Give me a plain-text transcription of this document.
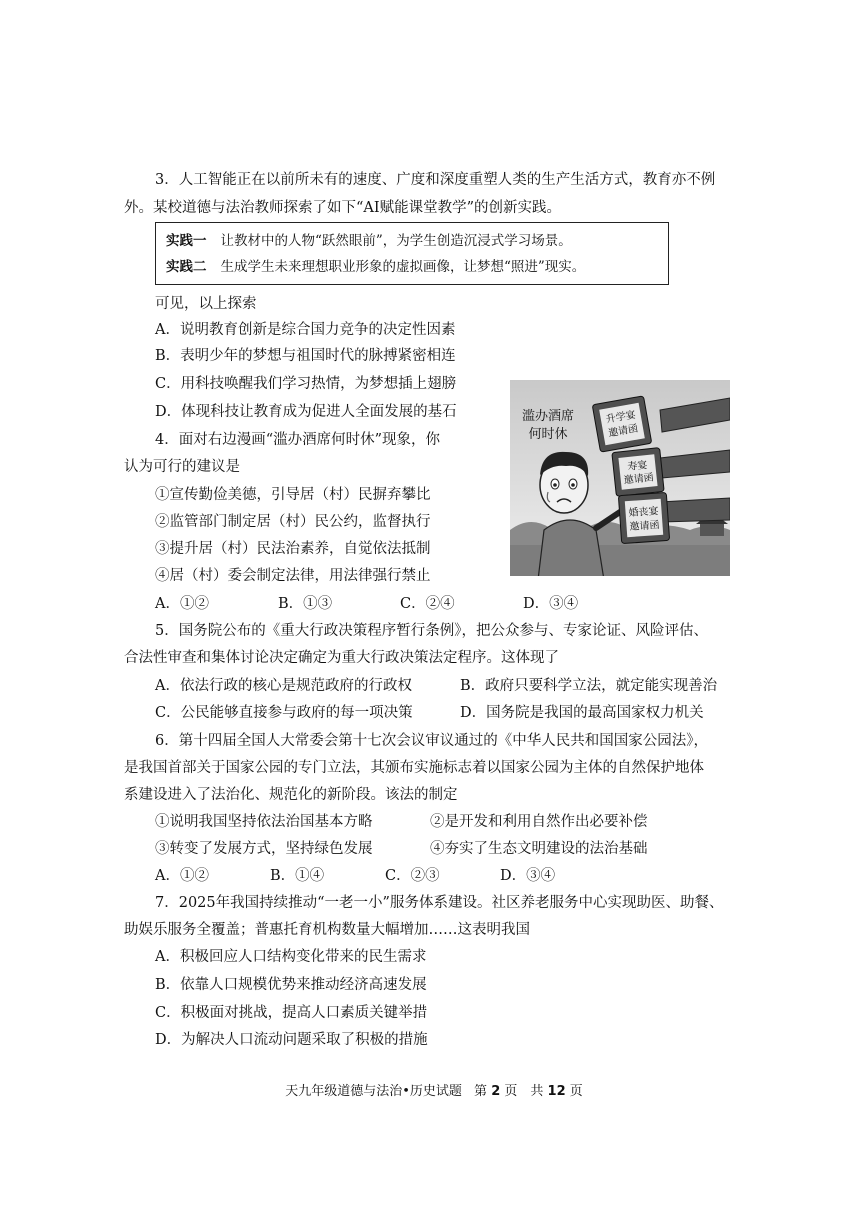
3．人工智能正在以前所未有的速度、广度和深度重塑人类的生产生活方式，教育亦不例
外。某校道德与法治教师探索了如下“AI赋能课堂教学”的创新实践。
实践一 让教材中的人物“跃然眼前”，为学生创造沉浸式学习场景。
实践二 生成学生未来理想职业形象的虚拟画像，让梦想“照进”现实。
可见，以上探索
A．说明教育创新是综合国力竞争的决定性因素
B．表明少年的梦想与祖国时代的脉搏紧密相连
C．用科技唤醒我们学习热情，为梦想插上翅膀
D．体现科技让教育成为促进人全面发展的基石
4．面对右边漫画“滥办酒席何时休”现象，你
认为可行的建议是
①宣传勤俭美德，引导居（村）民摒弃攀比
②监管部门制定居（村）民公约，监督执行
③提升居（村）民法治素养，自觉依法抵制
④居（村）委会制定法律，用法律强行禁止
A．①②	B．①③	C．②④	D．③④
滥办酒席
何时休
升学宴
邀请函
寿宴
邀请函
婚丧宴
邀请函
5．国务院公布的《重大行政决策程序暂行条例》，把公众参与、专家论证、风险评估、
合法性审查和集体讨论决定确定为重大行政决策法定程序。这体现了
A．依法行政的核心是规范政府的行政权	B．政府只要科学立法，就定能实现善治
C．公民能够直接参与政府的每一项决策	D．国务院是我国的最高国家权力机关
6．第十四届全国人大常委会第十七次会议审议通过的《中华人民共和国国家公园法》，
是我国首部关于国家公园的专门立法，其颁布实施标志着以国家公园为主体的自然保护地体
系建设进入了法治化、规范化的新阶段。该法的制定
①说明我国坚持依法治国基本方略	②是开发和利用自然作出必要补偿
③转变了发展方式，坚持绿色发展	④夯实了生态文明建设的法治基础
A．①②	B．①④	C．②③	D．③④
7．2025年我国持续推动“一老一小”服务体系建设。社区养老服务中心实现助医、助餐、
助娱乐服务全覆盖；普惠托育机构数量大幅增加……这表明我国
A．积极回应人口结构变化带来的民生需求
B．依靠人口规模优势来推动经济高速发展
C．积极面对挑战，提高人口素质关键举措
D．为解决人口流动问题采取了积极的措施
天九年级道德与法治•历史试题 第 2 页　共 12 页
